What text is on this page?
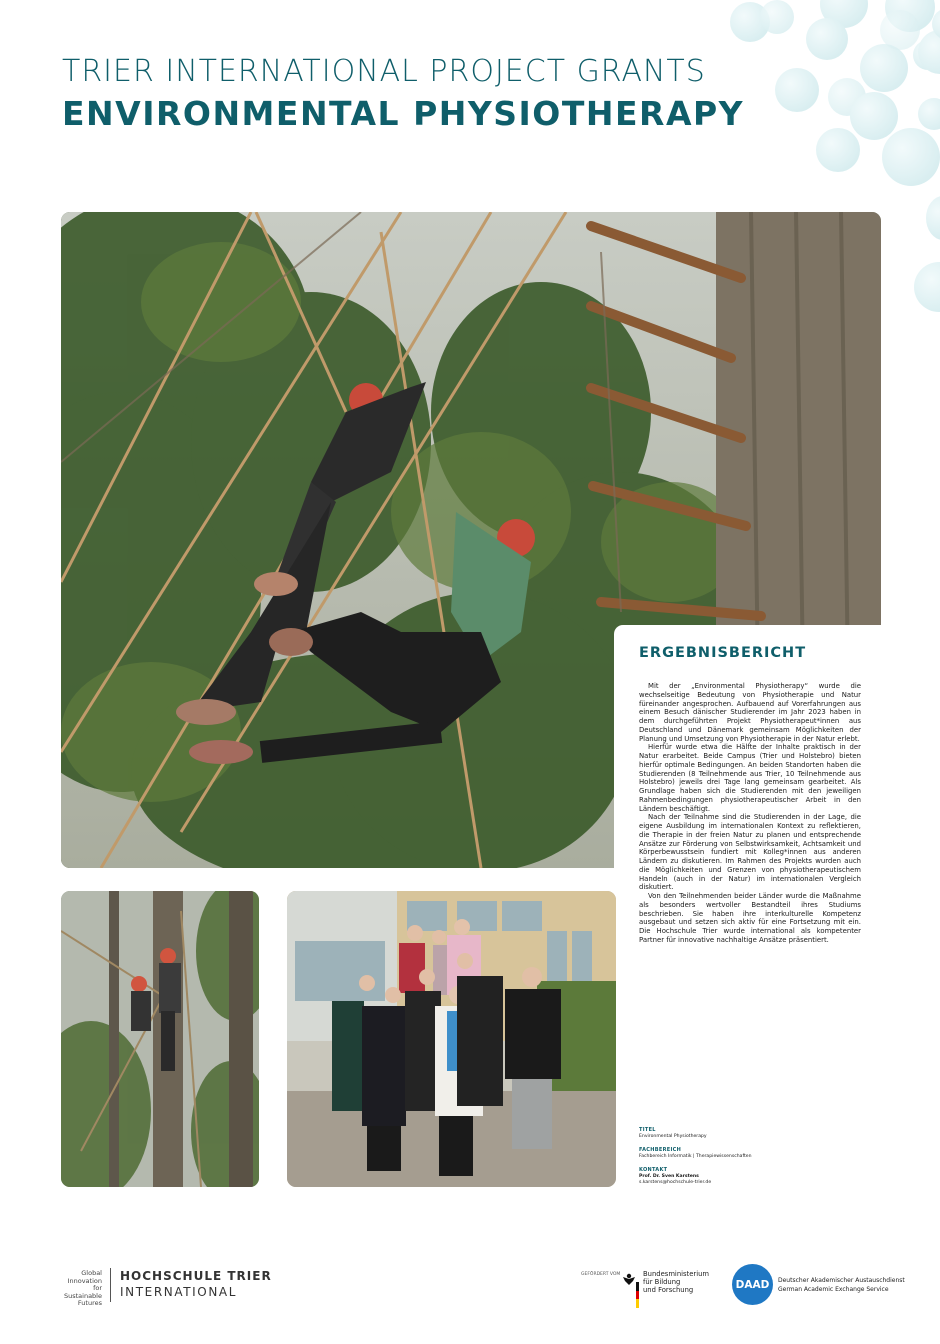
TRIER INTERNATIONAL PROJECT GRANTS
ENVIRONMENTAL PHYSIOTHERAPY
ERGEBNISBERICHT

Mit der „Environmental Physiotherapy“ wurde die wechselseitige Bedeutung von Physiotherapie und Natur füreinander angesprochen. Aufbauend auf Vorerfahrungen aus einem Besuch dänischer Studierender im Jahr 2023 haben in dem durchgeführten Projekt Physiotherapeut*innen aus Deutschland und Dänemark gemeinsam Möglichkeiten der Planung und Umsetzung von Physiotherapie in der Natur erlebt.

Hierfür wurde etwa die Hälfte der Inhalte praktisch in der Natur erarbeitet. Beide Campus (Trier und Holstebro) bieten hierfür optimale Bedingungen. An beiden Standorten haben die Studierenden (8 Teilnehmende aus Trier, 10 Teilnehmende aus Holstebro) jeweils drei Tage lang gemeinsam gearbeitet. Als Grundlage haben sich die Studierenden mit den jeweiligen Rahmenbedingungen physiotherapeutischer Arbeit in den Ländern beschäftigt.

Nach der Teilnahme sind die Studierenden in der Lage, die eigene Ausbildung im internationalen Kontext zu reflektieren, die Therapie in der freien Natur zu planen und entsprechende Ansätze zur Förderung von Selbstwirksamkeit, Achtsamkeit und Körperbewusstsein fundiert mit Kolleg*innen aus anderen Ländern zu diskutieren. Im Rahmen des Projekts wurden auch die Möglichkeiten und Grenzen von physiotherapeutischem Handeln (auch in der Natur) im internationalen Vergleich diskutiert.

Von den Teilnehmenden beider Länder wurde die Maßnahme als besonders wertvoller Bestandteil ihres Studiums beschrieben. Sie haben ihre interkulturelle Kompetenz ausgebaut und setzen sich aktiv für eine Fortsetzung mit ein. Die Hochschule Trier wurde international als kompetenter Partner für innovative nachhaltige Ansätze präsentiert.

TITEL
Environmental Physiotherapy
FACHBEREICH
Fachbereich Informatik | Therapiewissenschaften
KONTAKT
Prof. Dr. Sven Karstens
s.karstens@hochschule-trier.de
Global
Innovation for
Sustainable
Futures
HOCHSCHULE TRIER
INTERNATIONAL
GEFÖRDERT VOM	Bundesministerium
für Bildung
und Forschung	DAAD	Deutscher Akademischer Austauschdienst
German Academic Exchange Service
